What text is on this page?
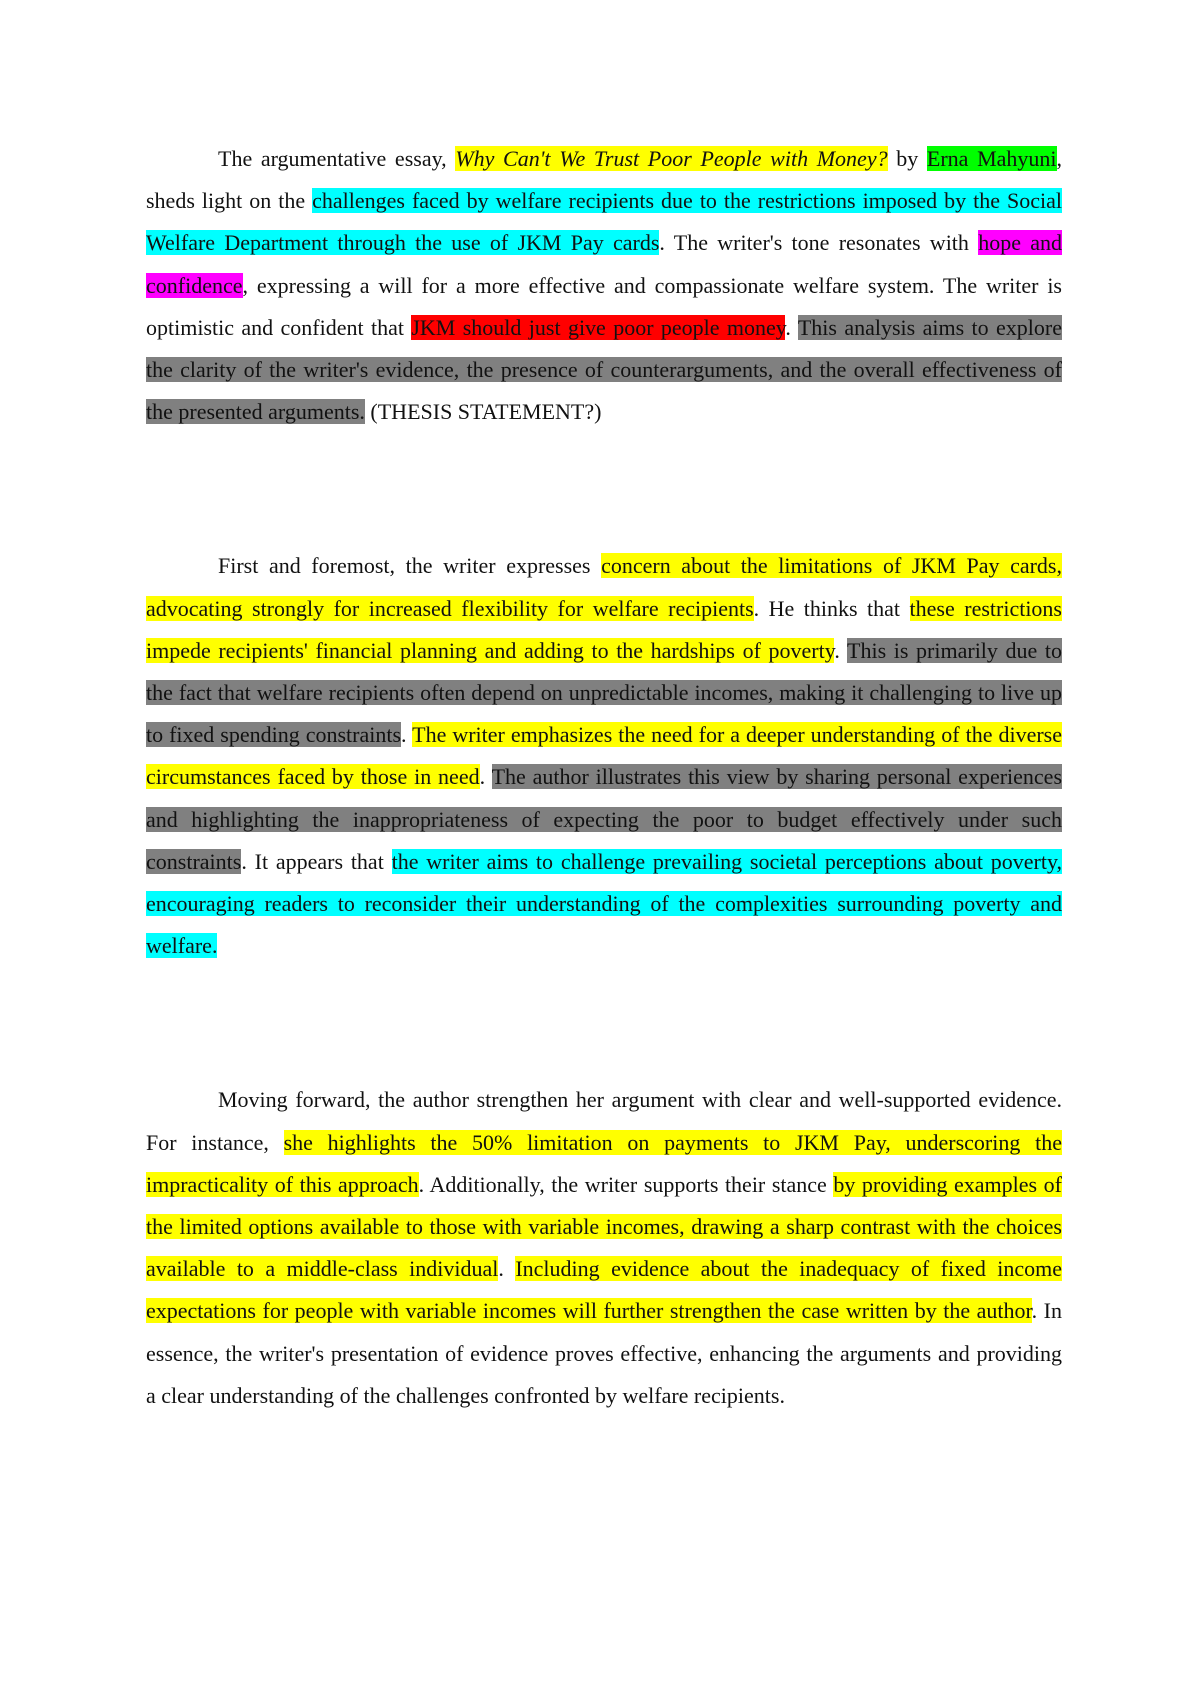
The argumentative essay, Why Can't We Trust Poor People with Money? by Erna Mahyuni, sheds light on the challenges faced by welfare recipients due to the restrictions imposed by the Social Welfare Department through the use of JKM Pay cards. The writer's tone resonates with hope and confidence, expressing a will for a more effective and compassionate welfare system. The writer is optimistic and confident that JKM should just give poor people money. This analysis aims to explore the clarity of the writer's evidence, the presence of counterarguments, and the overall effectiveness of the presented arguments. (THESIS STATEMENT?)

First and foremost, the writer expresses concern about the limitations of JKM Pay cards, advocating strongly for increased flexibility for welfare recipients. He thinks that these restrictions impede recipients' financial planning and adding to the hardships of poverty. This is primarily due to the fact that welfare recipients often depend on unpredictable incomes, making it challenging to live up to fixed spending constraints. The writer emphasizes the need for a deeper understanding of the diverse circumstances faced by those in need. The author illustrates this view by sharing personal experiences and highlighting the inappropriateness of expecting the poor to budget effectively under such constraints. It appears that the writer aims to challenge prevailing societal perceptions about poverty, encouraging readers to reconsider their understanding of the complexities surrounding poverty and welfare.

Moving forward, the author strengthen her argument with clear and well-supported evidence. For instance, she highlights the 50% limitation on payments to JKM Pay, underscoring the impracticality of this approach. Additionally, the writer supports their stance by providing examples of the limited options available to those with variable incomes, drawing a sharp contrast with the choices available to a middle-class individual. Including evidence about the inadequacy of fixed income expectations for people with variable incomes will further strengthen the case written by the author. In essence, the writer's presentation of evidence proves effective, enhancing the arguments and providing a clear understanding of the challenges confronted by welfare recipients.
